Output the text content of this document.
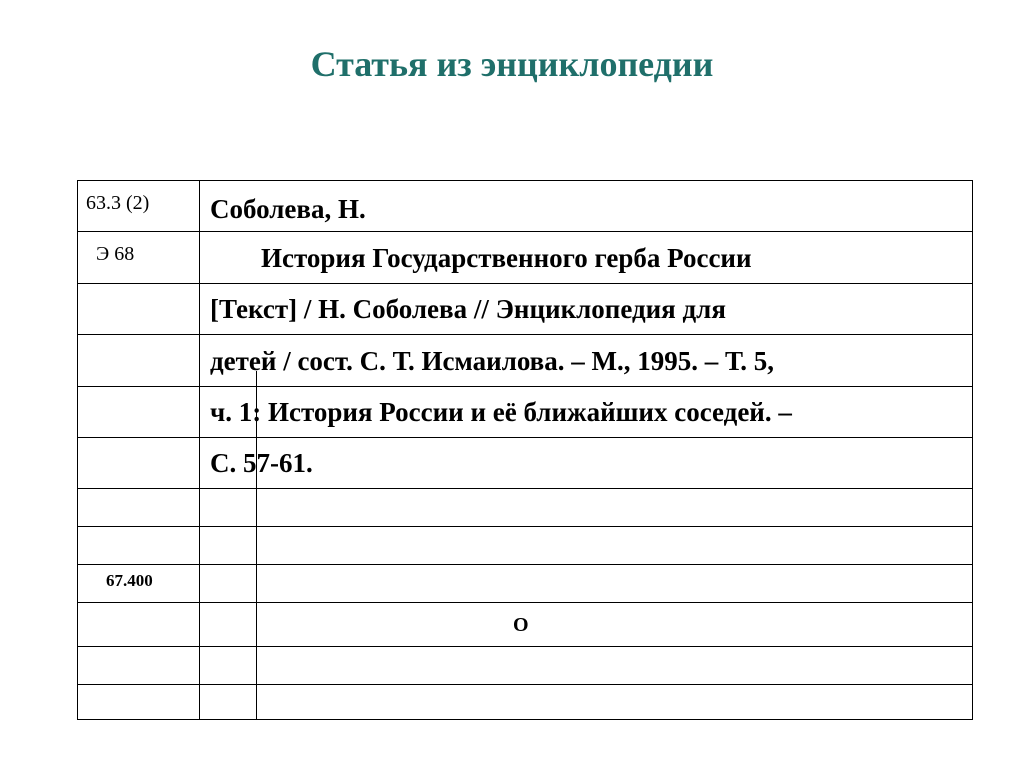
Статья из энциклопедии
63.3 (2)
Э 68
67.400
Соболева, Н.
История Государственного герба России
[Текст] / Н. Соболева // Энциклопедия для
детей / сост. С. Т. Исмаилова. – М., 1995. – Т. 5,
ч. 1: История России и её ближайших соседей. –
С. 57-61.
О
